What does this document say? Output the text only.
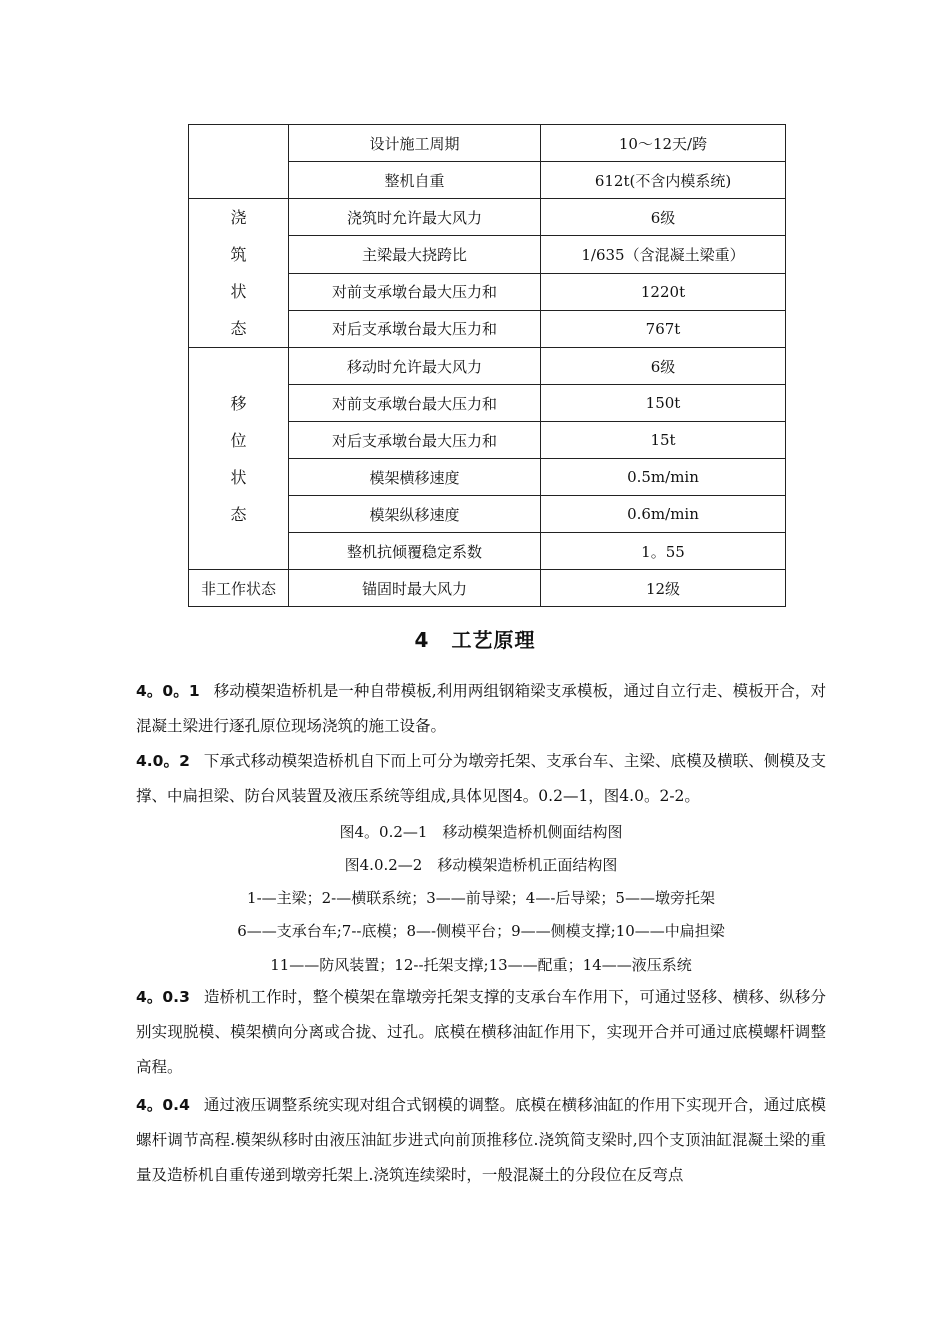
	设计施工周期	10～12天/跨
	整机自重	612t(不含内模系统)

浇
筑
状
态	浇筑时允许最大风力	6级
	主梁最大挠跨比	1/635（含混凝土梁重）
	对前支承墩台最大压力和	1220t
	对后支承墩台最大压力和	767t

移
位
状
态	移动时允许最大风力	6级
	对前支承墩台最大压力和	150t
	对后支承墩台最大压力和	15t
	模架横移速度	0.5m/min
	模架纵移速度	0.6m/min
	整机抗倾覆稳定系数	1。55
非工作状态	锚固时最大风力	12级
4 工艺原理
4。0。1 移动模架造桥机是一种自带模板,利用两组钢箱梁支承模板，通过自立行走、模板开合，对混凝土梁进行逐孔原位现场浇筑的施工设备。
4.0。2 下承式移动模架造桥机自下而上可分为墩旁托架、支承台车、主梁、底模及横联、侧模及支撑、中扁担梁、防台风装置及液压系统等组成,具体见图4。0.2—1，图4.0。2-2。
图4。0.2—1　移动模架造桥机侧面结构图
图4.0.2—2　移动模架造桥机正面结构图
1-—主梁；2-—横联系统；3——前导梁；4—-后导梁；5——墩旁托架
6——支承台车;7--底模；8—-侧模平台；9——侧模支撑;10——中扁担梁
11——防风装置；12--托架支撑;13——配重；14——液压系统
4。0.3 造桥机工作时，整个模架在靠墩旁托架支撑的支承台车作用下，可通过竖移、横移、纵移分别实现脱模、模架横向分离或合拢、过孔。底模在横移油缸作用下，实现开合并可通过底模螺杆调整高程。
4。0.4 通过液压调整系统实现对组合式钢模的调整。底模在横移油缸的作用下实现开合，通过底模螺杆调节高程.模架纵移时由液压油缸步进式向前顶推移位.浇筑简支梁时,四个支顶油缸混凝土梁的重量及造桥机自重传递到墩旁托架上.浇筑连续梁时，一般混凝土的分段位在反弯点
